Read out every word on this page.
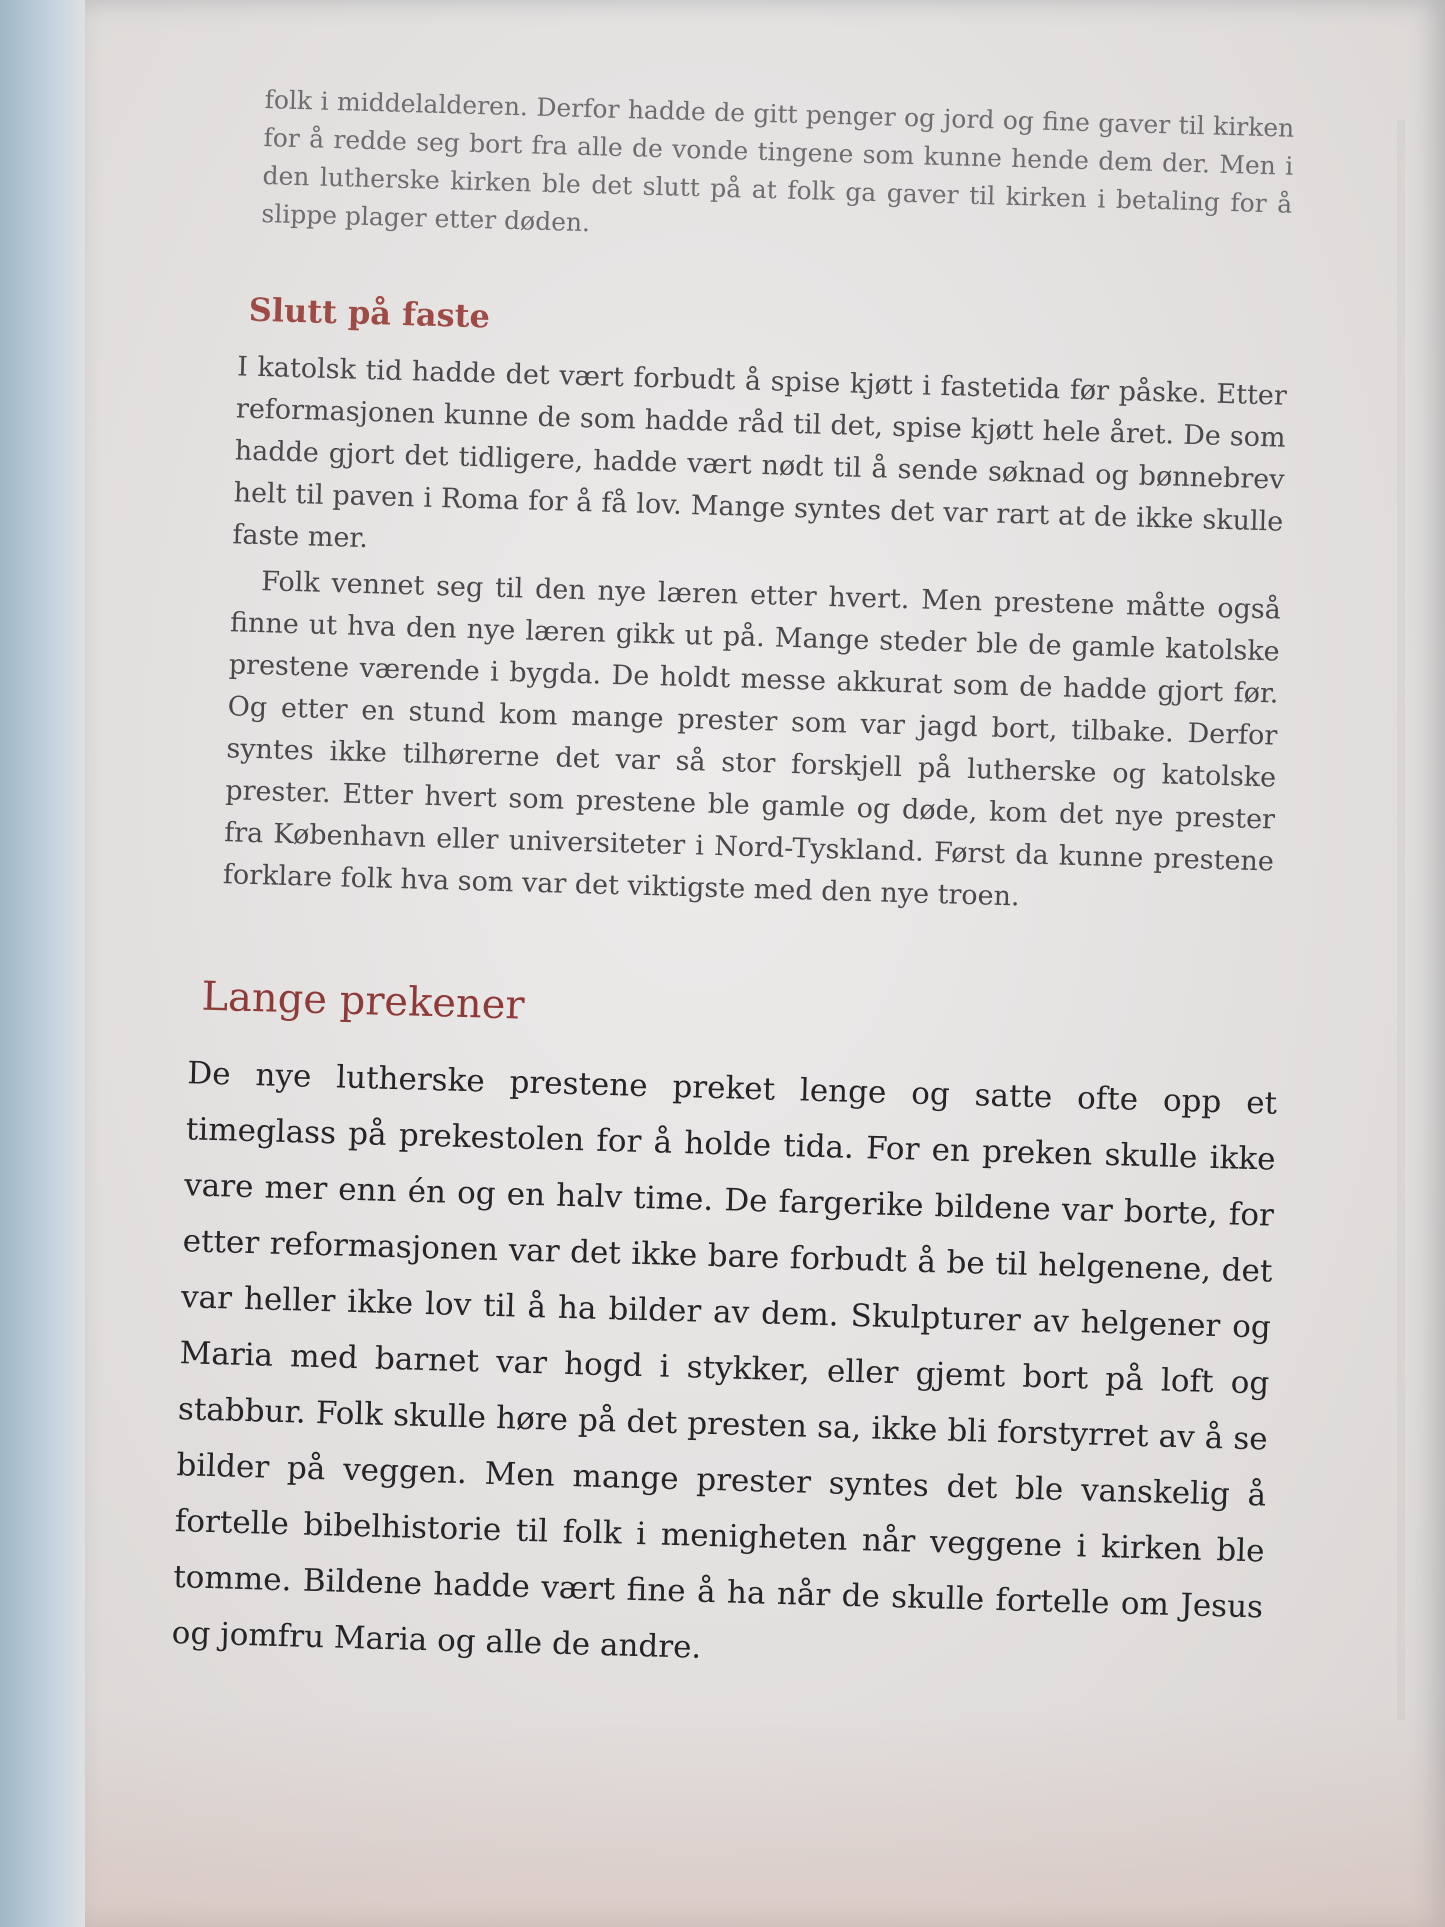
folk i middelalderen. Derfor hadde de gitt penger og jord og fine gaver til kirken for å redde seg bort fra alle de vonde tingene som kunne hende dem der. Men i den lutherske kirken ble det slutt på at folk ga gaver til kirken i betaling for å slippe plager etter døden.

Slutt på faste

I katolsk tid hadde det vært forbudt å spise kjøtt i fastetida før påske. Etter reformasjonen kunne de som hadde råd til det, spise kjøtt hele året. De som hadde gjort det tidligere, hadde vært nødt til å sende søknad og bønnebrev helt til paven i Roma for å få lov. Mange syntes det var rart at de ikke skulle faste mer.

Folk vennet seg til den nye læren etter hvert. Men prestene måtte også finne ut hva den nye læren gikk ut på. Mange steder ble de gamle katolske prestene værende i bygda. De holdt messe akkurat som de hadde gjort før. Og etter en stund kom mange prester som var jagd bort, tilbake. Derfor syntes ikke tilhørerne det var så stor forskjell på lutherske og katolske prester. Etter hvert som prestene ble gamle og døde, kom det nye prester fra København eller universiteter i Nord-Tyskland. Først da kunne prestene forklare folk hva som var det viktigste med den nye troen.

Lange prekener

De nye lutherske prestene preket lenge og satte ofte opp et timeglass på prekestolen for å holde tida. For en preken skulle ikke vare mer enn én og en halv time. De fargerike bildene var borte, for etter reformasjonen var det ikke bare forbudt å be til helgenene, det var heller ikke lov til å ha bilder av dem. Skulpturer av helgener og Maria med barnet var hogd i stykker, eller gjemt bort på loft og stabbur. Folk skulle høre på det presten sa, ikke bli forstyrret av å se bilder på veggen. Men mange prester syntes det ble vanskelig å fortelle bibelhistorie til folk i menigheten når veggene i kirken ble tomme. Bildene hadde vært fine å ha når de skulle fortelle om Jesus og jomfru Maria og alle de andre.
